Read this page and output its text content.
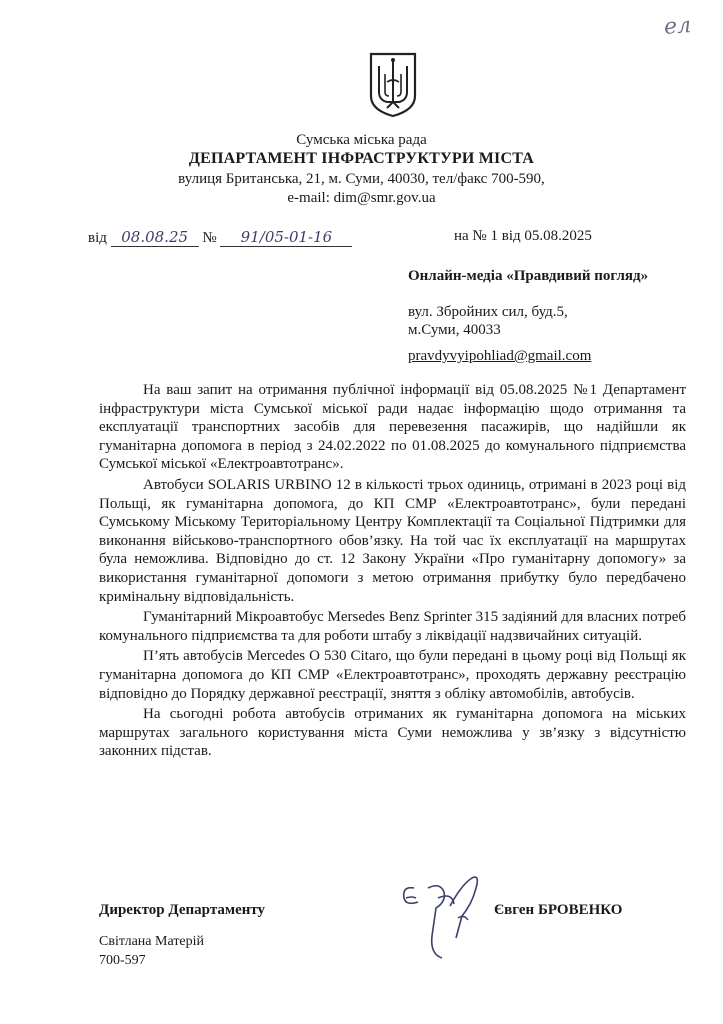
ел
Сумська міська рада
ДЕПАРТАМЕНТ ІНФРАСТРУКТУРИ МІСТА
вулиця Британська, 21, м. Суми, 40030, тел/факс 700-590,
e-mail: dim@smr.gov.ua
від 08.08.25 № 91/05-01-16	на № 1 від 05.08.2025
Онлайн-медіа «Правдивий погляд»
вул. Збройних сил, буд.5,
м.Суми, 40033
pravdyvyipohliad@gmail.com

На ваш запит на отримання публічної інформації від 05.08.2025 №1 Департамент інфраструктури міста Сумської міської ради надає інформацію щодо отримання та експлуатації транспортних засобів для перевезення пасажирів, що надійшли як гуманітарна допомога в період з 24.02.2022 по 01.08.2025 до комунального підприємства Сумської міської «Електроавтотранс».

Автобуси SOLARIS URBINO 12 в кількості трьох одиниць, отримані в 2023 році від Польщі, як гуманітарна допомога, до КП СМР «Електроавтотранс», були передані Сумському Міському Територіальному Центру Комплектації та Соціальної Підтримки для виконання військово-транспортного обов’язку. На той час їх експлуатації на маршрутах була неможлива. Відповідно до ст. 12 Закону України «Про гуманітарну допомогу» за використання гуманітарної допомоги з метою отримання прибутку було передбачено кримінальну відповідальність.

Гуманітарний Мікроавтобус Mersedes Benz Sprinter 315 задіяний для власних потреб комунального підприємства та для роботи штабу з ліквідації надзвичайних ситуацій.

П’ять автобусів Mercedes O 530 Citaro, що були передані в цьому році від Польщі як гуманітарна допомога до КП СМР «Електроавтотранс», проходять державну реєстрацію відповідно до Порядку державної реєстрації, зняття з обліку автомобілів, автобусів.

На сьогодні робота автобусів отриманих як гуманітарна допомога на міських маршрутах загального користування міста Суми неможлива у зв’язку з відсутністю законних підстав.

Директор Департаменту	Євген БРОВЕНКО
Світлана Матерій
700-597
